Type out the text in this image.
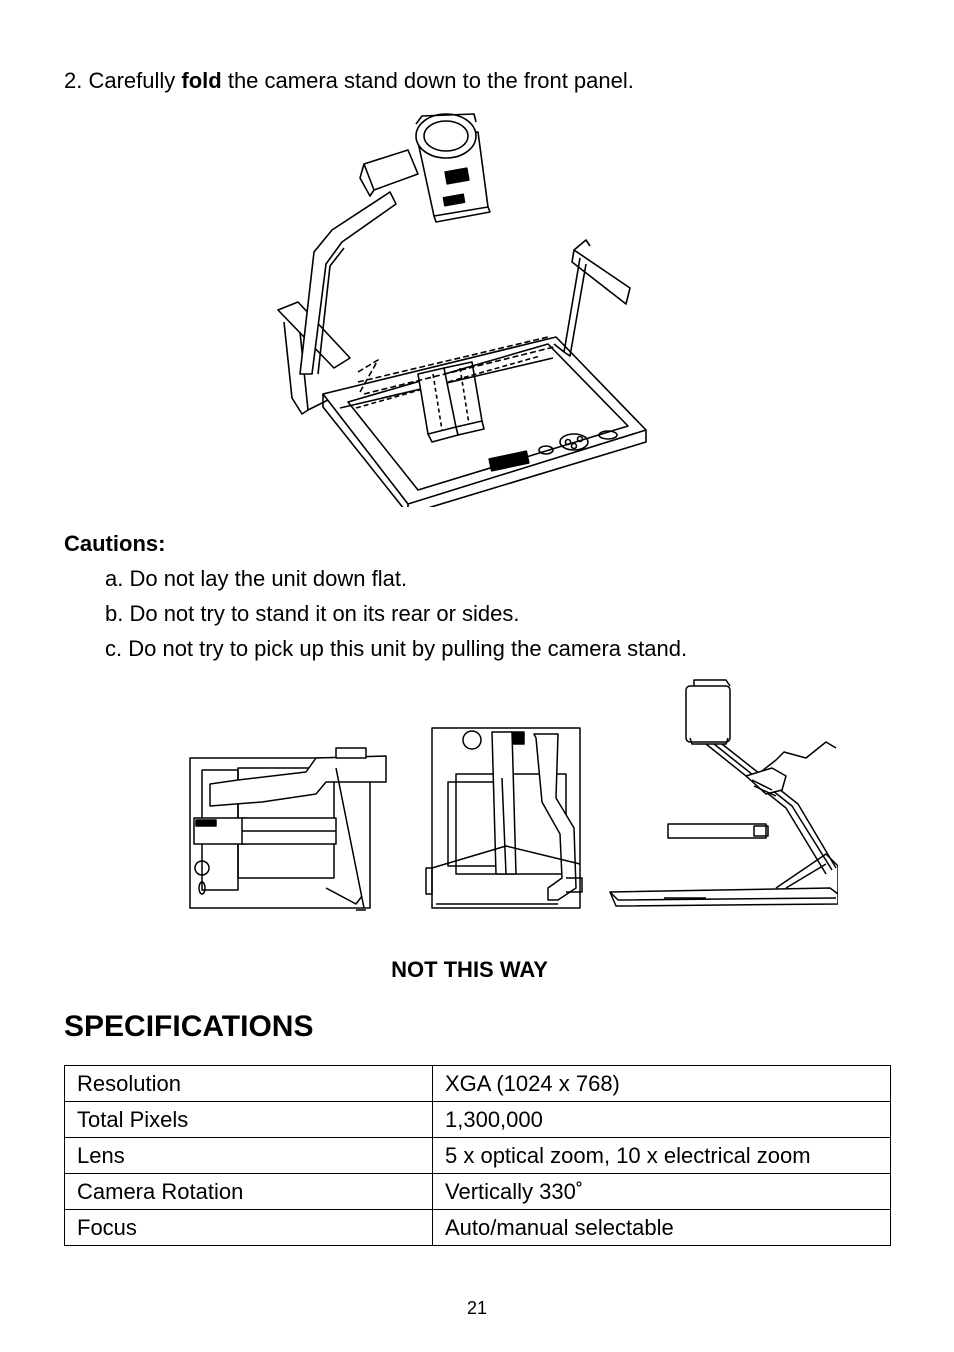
2. Carefully fold the camera stand down to the front panel.
Cautions:
a. Do not lay the unit down flat.
b. Do not try to stand it on its rear or sides.
c. Do not try to pick up this unit by pulling the camera stand.
NOT THIS WAY
SPECIFICATIONS
Resolution	XGA (1024 x 768)
Total Pixels	1,300,000
Lens	5 x optical zoom, 10 x electrical zoom
Camera Rotation	Vertically 330˚
Focus	Auto/manual selectable
21
